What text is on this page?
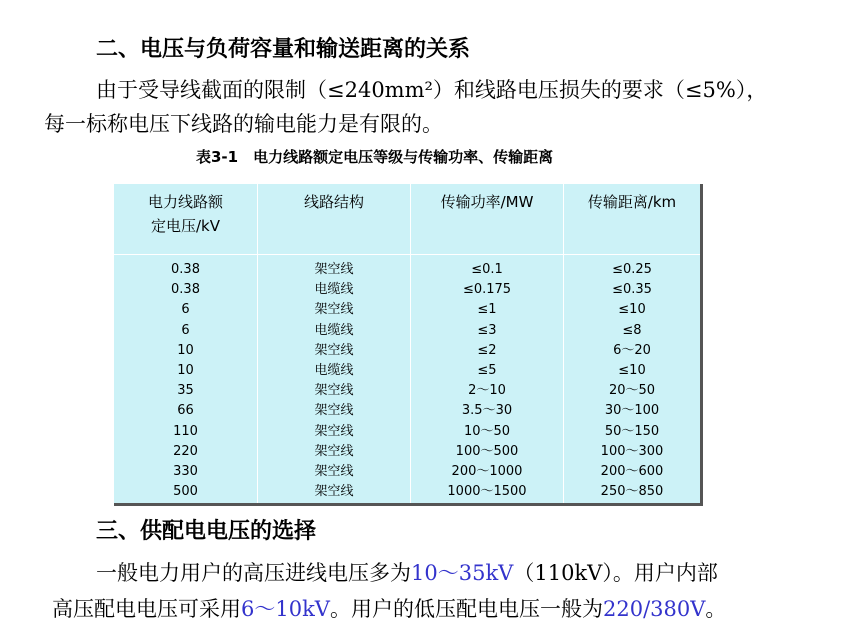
二、电压与负荷容量和输送距离的关系
由于受导线截面的限制（≤240mm²）和线路电压损失的要求（≤5%），
每一标称电压下线路的输电能力是有限的。
表3-1　电力线路额定电压等级与传输功率、传输距离
电力线路额
定电压/kV
线路结构	传输功率/MW	传输距离/km
0.38
0.38
6
6
10
10
35
66
110
220
330
500
架空线
电缆线
架空线
电缆线
架空线
电缆线
架空线
架空线
架空线
架空线
架空线
架空线
≤0.1
≤0.175
≤1
≤3
≤2
≤5
2～10
3.5～30
10～50
100～500
200～1000
1000～1500
≤0.25
≤0.35
≤10
≤8
6～20
≤10
20～50
30～100
50～150
100～300
200～600
250～850
三、供配电电压的选择
一般电力用户的高压进线电压多为10～35kV（110kV）。用户内部
高压配电电压可采用6～10kV。用户的低压配电电压一般为220/380V。
